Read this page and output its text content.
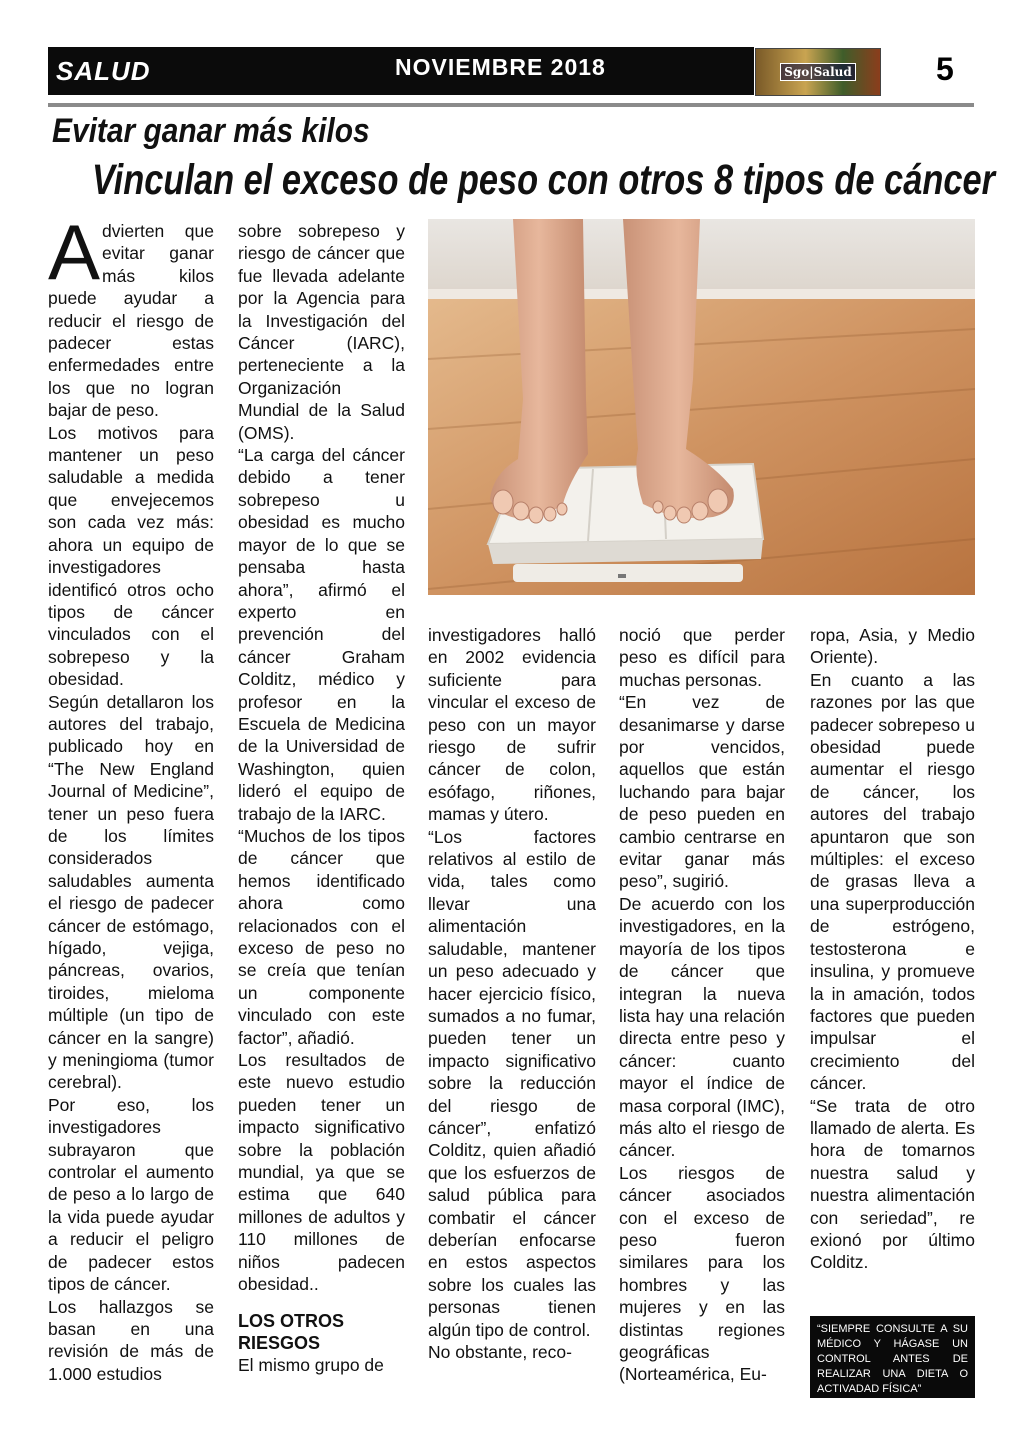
SALUD	NOVIEMBRE 2018	Sgo|Salud	5
Evitar ganar más kilos
Vinculan el exceso de peso con otros 8 tipos de cáncer

Advierten que evitar ganar más kilos puede ayudar a reducir el riesgo de padecer estas enfermedades entre los que no logran bajar de peso.

Los motivos para mantener un peso saludable a medida que envejecemos son cada vez más: ahora un equipo de investigadores identificó otros ocho tipos de cáncer vinculados con el sobrepeso y la obesidad.

Según detallaron los autores del trabajo, publicado hoy en “The New England Journal of Medicine”, tener un peso fuera de los límites considerados saludables aumenta el riesgo de padecer cáncer de estómago, hígado, vejiga, páncreas, ovarios, tiroides, mieloma múltiple (un tipo de cáncer en la sangre) y meningioma (tumor cerebral).

Por eso, los investigadores subrayaron que controlar el aumento de peso a lo largo de la vida puede ayudar a reducir el peligro de padecer estos tipos de cáncer.

Los hallazgos se basan en una revisión de más de 1.000 estudios

sobre sobrepeso y riesgo de cáncer que fue llevada adelante por la Agencia para la Investigación del Cáncer (IARC), perteneciente a la Organización Mundial de la Salud (OMS).

“La carga del cáncer debido a tener sobrepeso u obesidad es mucho mayor de lo que se pensaba hasta ahora”, afirmó el experto en prevención del cáncer Graham Colditz, médico y profesor en la Escuela de Medicina de la Universidad de Washington, quien lideró el equipo de trabajo de la IARC.

“Muchos de los tipos de cáncer que hemos identificado ahora como relacionados con el exceso de peso no se creía que tenían un componente vinculado con este factor”, añadió.

Los resultados de este nuevo estudio pueden tener un impacto significativo sobre la población mundial, ya que se estima que 640 millones de adultos y 110 millones de niños padecen obesidad..

LOS OTROS RIESGOS

El mismo grupo de

investigadores halló en 2002 evidencia suficiente para vincular el exceso de peso con un mayor riesgo de sufrir cáncer de colon, esófago, riñones, mamas y útero.

“Los factores relativos al estilo de vida, tales como llevar una alimentación saludable, mantener un peso adecuado y hacer ejercicio físico, sumados a no fumar, pueden tener un impacto significativo sobre la reducción del riesgo de cáncer”, enfatizó Colditz, quien añadió que los esfuerzos de salud pública para combatir el cáncer deberían enfocarse en estos aspectos sobre los cuales las personas tienen algún tipo de control.

No obstante, reco-

noció que perder peso es difícil para muchas personas.

“En vez de desanimarse y darse por vencidos, aquellos que están luchando para bajar de peso pueden en cambio centrarse en evitar ganar más peso”, sugirió.

De acuerdo con los investigadores, en la mayoría de los tipos de cáncer que integran la nueva lista hay una relación directa entre peso y cáncer: cuanto mayor el índice de masa corporal (IMC), más alto el riesgo de cáncer.

Los riesgos de cáncer asociados con el exceso de peso fueron similares para los hombres y las mujeres y en las distintas regiones geográficas (Norteamérica, Eu-

ropa, Asia, y Medio Oriente).

En cuanto a las razones por las que padecer sobrepeso u obesidad puede aumentar el riesgo de cáncer, los autores del trabajo apuntaron que son múltiples: el exceso de grasas lleva a una superproducción de estrógeno, testosterona e insulina, y promueve la in amación, todos factores que pueden impulsar el crecimiento del cáncer.

“Se trata de otro llamado de alerta. Es hora de tomarnos nuestra salud y nuestra alimentación con seriedad”, re exionó por último Colditz.

“SIEMPRE CONSULTE A SU MÉDICO Y HÁGASE UN CONTROL ANTES DE REALIZAR UNA DIETA O ACTIVADAD FÍSICA”
